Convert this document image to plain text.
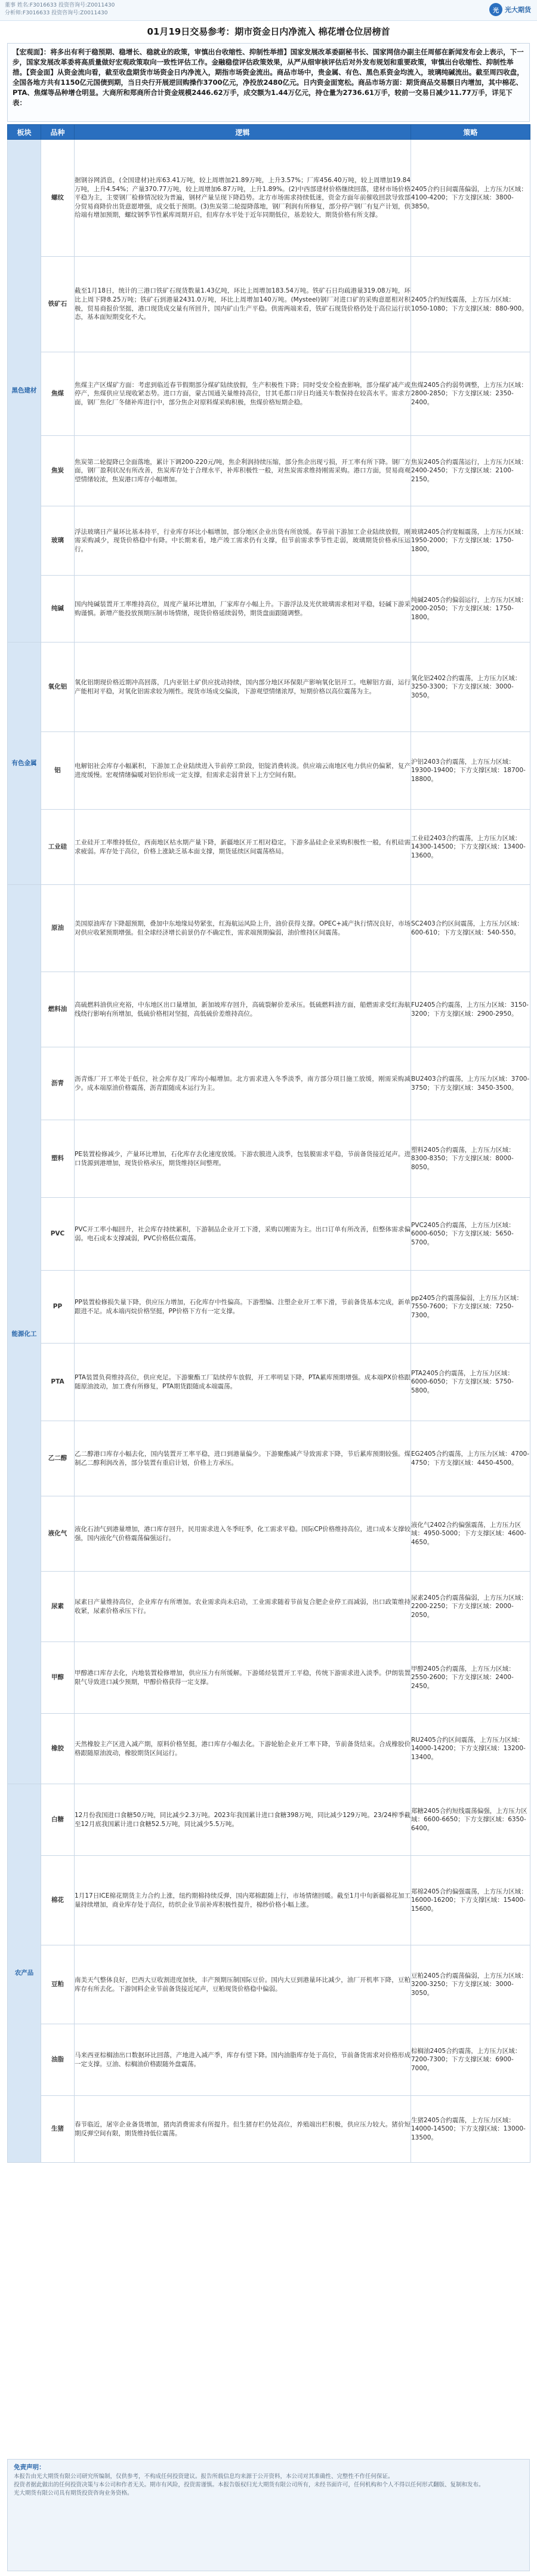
董事 姓名:F3016633 投资咨询号:Z0011430
分析师:F3016633 投资咨询号:Z0011430	光 光大期货
01月19日交易参考：期市资金日内净流入 棉花增仓位居榜首
【宏观面】：将多出有利于稳预期、稳增长、稳就业的政策，审慎出台收缩性、抑制性举措】国家发展改革委副秘书长、国家网信办副主任周郁在新闻发布会上表示，下一步，国家发展改革委将高质量做好宏观政策取向一致性评估工作。金融稳偿评估政策效果，从严从细审核评估后对外发布规划和重要政策，审慎出台收缩性、抑制性举措。【资金面】从资金流向看，截至收盘期货市场资金日内净流入，期指市场资金流出。商品市场中，贵金属、有色、黑色系资金均流入，玻璃纯碱流出。截至周四收盘，全国各地方共有1150亿元国债到期，当日央行开展逆回购操作3700亿元，净投放2480亿元。日内资金面宽松。商品市场方面：期货商品交易额日内增加，其中棉花、PTA、焦煤等品种增仓明显。大商所和郑商所合计资金规模2446.62万手，成交额为1.44万亿元，持仓量为2736.61万手，较前一交易日减少11.77万手，详见下表：
板块	品种	逻辑	策略
黑色建材	螺纹	据钢谷网消息，(全国建材)社库63.41万吨，较上周增加21.89万吨，上升3.57%；厂库456.40万吨，较上周增加19.84万吨，上升4.54%；产量370.77万吨，较上周增加6.87万吨，上升1.89%。(2)中西部建材价格继续回落，建材市场价格平稳为主，主要钢厂检修情况较为普遍，钢材产量呈现下降趋势。北方市场需求持续低迷，资金方面年前催收回款导致部分贸易商降价出货意愿增强，成交低于预期。(3)焦炭第二轮提降落地，钢厂利润有所修复，部分停产钢厂有复产计划，供给端有增加预期，螺纹钢季节性累库周期开启，但库存水平处于近年同期低位，基差较大，期货价格有所支撑。	2405合约日间震荡偏弱，上方压力区域：4100-4200；下方支撑区域：3800-3850。

	铁矿石	截至1月18日，统计的三港口铁矿石现货数量1.43亿吨，环比上周增加183.54万吨。铁矿石日均疏港量319.08万吨，环比上周下降8.25万吨；铁矿石到港量2431.0万吨，环比上周增加140万吨。(Mysteel)钢厂对进口矿的采购意愿相对积极，贸易商报价坚挺，港口现货成交量有所回升，国内矿山生产平稳。供需两端来看，铁矿石现货价格仍处于高位运行状态，基本面短期变化不大。	2405合约短线震荡，上方压力区域：1050-1080；下方支撑区域：880-900。

	焦煤	焦煤主产区煤矿方面：考虑到临近春节假期部分煤矿陆续放假，生产积极性下降；同时受安全检查影响，部分煤矿减产或停产，焦煤供应呈现收紧态势。进口方面，蒙古国通关量维持高位，甘其毛都口岸日均通关车数保持在较高水平。需求方面，钢厂焦化厂冬储补库进行中，部分焦企对原料煤采购积极，焦煤价格短期企稳。	焦煤2405合约弱势调整，上方压力区域：2800-2850；下方支撑区域：2350-2400。

	焦炭	焦炭第二轮提降已全面落地，累计下调200-220元/吨，焦企利润持续压缩，部分焦企出现亏损，开工率有所下降。钢厂方面，钢厂盈利状况有所改善，焦炭库存处于合理水平，补库积极性一般，对焦炭需求维持刚需采购。港口方面，贸易商观望情绪较浓，焦炭港口库存小幅增加。	焦炭2405合约震荡运行，上方压力区域：2400-2450；下方支撑区域：2100-2150。

	玻璃	浮法玻璃日产量环比基本持平，行业库存环比小幅增加，部分地区企业出货有所放缓。春节前下游加工企业陆续放假，刚需采购减少，现货价格稳中有降。中长期来看，地产竣工需求仍有支撑，但节前需求季节性走弱，玻璃期货价格承压运行。	玻璃2405合约宽幅震荡，上方压力区域：1950-2000；下方支撑区域：1750-1800。

	纯碱	国内纯碱装置开工率维持高位，周度产量环比增加，厂家库存小幅上升。下游浮法及光伏玻璃需求相对平稳，轻碱下游采购谨慎。新增产能投放预期压制市场情绪，现货价格延续弱势，期货盘面跟随调整。	纯碱2405合约偏弱运行，上方压力区域：2000-2050；下方支撑区域：1750-1800。

有色金属	氧化铝	氧化铝期现价格近期冲高回落，几内亚铝土矿供应扰动持续，国内部分地区环保限产影响氧化铝开工。电解铝方面，运行产能相对平稳，对氧化铝需求较为刚性。现货市场成交偏淡，下游观望情绪浓厚，短期价格以高位震荡为主。	氧化铝2402合约震荡，上方压力区域：3250-3300；下方支撑区域：3000-3050。

	铝	电解铝社会库存小幅累积，下游加工企业陆续进入节前停工阶段，铝锭消费转淡。供应端云南地区电力供应仍偏紧，复产进度缓慢。宏观情绪偏暖对铝价形成一定支撑，但需求走弱背景下上方空间有限。	沪铝2403合约震荡，上方压力区域：19300-19400；下方支撑区域：18700-18800。

	工业硅	工业硅开工率维持低位，西南地区枯水期产量下降，新疆地区开工相对稳定。下游多晶硅企业采购积极性一般，有机硅需求疲弱。库存处于高位，价格上涨缺乏基本面支撑，期货延续区间震荡格局。	工业硅2403合约震荡，上方压力区域：14300-14500；下方支撑区域：13400-13600。

能源化工	原油	美国原油库存下降超预期，叠加中东地缘局势紧张，红海航运风险上升，油价获得支撑。OPEC+减产执行情况良好，市场对供应收紧预期增强。但全球经济增长前景仍存不确定性，需求端预期偏弱，油价维持区间震荡。	SC2403合约区间震荡，上方压力区域：600-610；下方支撑区域：540-550。

	燃料油	高硫燃料油供应充裕，中东地区出口量增加，新加坡库存回升，高硫裂解价差承压。低硫燃料油方面，船燃需求受红海航线绕行影响有所增加，低硫价格相对坚挺，高低硫价差维持高位。	FU2405合约震荡，上方压力区域：3150-3200；下方支撑区域：2900-2950。

	沥青	沥青炼厂开工率处于低位，社会库存及厂库均小幅增加。北方需求进入冬季淡季，南方部分项目施工放缓，刚需采购减少。成本端原油价格震荡，沥青跟随成本运行为主。	BU2403合约震荡，上方压力区域：3700-3750；下方支撑区域：3450-3500。

	塑料	PE装置检修减少，产量环比增加，石化库存去化速度放缓。下游农膜进入淡季，包装膜需求平稳，节前备货接近尾声。进口货源到港增加，现货价格承压，期货维持区间整理。	塑料2405合约震荡，上方压力区域：8300-8350；下方支撑区域：8000-8050。

	PVC	PVC开工率小幅回升，社会库存持续累积，下游制品企业开工下滑，采购以刚需为主。出口订单有所改善，但整体需求偏弱。电石成本支撑减弱，PVC价格低位震荡。	PVC2405合约震荡，上方压力区域：6000-6050；下方支撑区域：5650-5700。

	PP	PP装置检修损失量下降，供应压力增加，石化库存中性偏高。下游塑编、注塑企业开工率下滑，节前备货基本完成，新单跟进不足。成本端丙烷价格坚挺，PP价格下方有一定支撑。	pp2405合约震荡偏弱，上方压力区域：7550-7600；下方支撑区域：7250-7300。

	PTA	PTA装置负荷维持高位，供应充足。下游聚酯工厂陆续停车放假，开工率明显下降，PTA累库预期增强。成本端PX价格跟随原油波动，加工费有所修复，PTA期货跟随成本端震荡。	PTA2405合约震荡，上方压力区域：6000-6050；下方支撑区域：5750-5800。

	乙二醇	乙二醇港口库存小幅去化，国内装置开工率平稳，进口到港量偏少。下游聚酯减产导致需求下降，节后累库预期较强。煤制乙二醇利润改善，部分装置有重启计划，价格上方承压。	EG2405合约震荡，上方压力区域：4700-4750；下方支撑区域：4450-4500。

	液化气	液化石油气到港量增加，港口库存回升，民用需求进入冬季旺季，化工需求平稳。国际CP价格维持高位，进口成本支撑较强，国内液化气价格震荡偏强运行。	液化气2402合约偏强震荡，上方压力区域：4950-5000；下方支撑区域：4600-4650。

	尿素	尿素日产量维持高位，企业库存有所增加。农业需求尚未启动，工业需求随着节前复合肥企业停工而减弱，出口政策维持收紧，尿素价格承压下行。	尿素2405合约震荡偏弱，上方压力区域：2200-2250；下方支撑区域：2000-2050。

	甲醇	甲醇港口库存去化，内地装置检修增加，供应压力有所缓解。下游烯烃装置开工平稳，传统下游需求进入淡季。伊朗装置限气导致进口减少预期，甲醇价格获得一定支撑。	甲醇2405合约震荡，上方压力区域：2550-2600；下方支撑区域：2400-2450。

	橡胶	天然橡胶主产区进入减产期，原料价格坚挺，港口库存小幅去化。下游轮胎企业开工率下降，节前备货结束。合成橡胶价格跟随原油波动，橡胶期货区间运行。	RU2405合约区间震荡，上方压力区域：14000-14200；下方支撑区域：13200-13400。

农产品	白糖	12月份我国进口食糖50万吨，同比减少2.3万吨。2023年我国累计进口食糖398万吨，同比减少129万吨。23/24榨季截至12月底我国累计进口食糖52.5万吨，同比减少5.5万吨。	郑糖2405合约短线震荡偏强，上方压力区域：6600-6650；下方支撑区域：6350-6400。

	棉花	1月17日ICE棉花期货主力合约上涨，纽约期棉持续反弹，国内郑棉跟随上行，市场情绪回暖。截至1月中旬新疆棉花加工量持续增加，商业库存处于高位，纺织企业节前补库积极性提升，棉纱价格小幅上涨。	郑棉2405合约偏强震荡，上方压力区域：16000-16200；下方支撑区域：15400-15600。

	豆粕	南美天气整体良好，巴西大豆收割进度加快，丰产预期压制国际豆价。国内大豆到港量环比减少，油厂开机率下降，豆粕库存有所去化。下游饲料企业节前备货接近尾声，豆粕现货价格稳中偏弱。	豆粕2405合约震荡偏弱，上方压力区域：3200-3250；下方支撑区域：3000-3050。

	油脂	马来西亚棕榈油出口数据环比回落，产地进入减产季，库存有望下降。国内油脂库存处于高位，节前备货需求对价格形成一定支撑。豆油、棕榈油价格跟随外盘震荡。	棕榈油2405合约震荡，上方压力区域：7200-7300；下方支撑区域：6900-7000。

	生猪	春节临近，屠宰企业备货增加，猪肉消费需求有所提升。但生猪存栏仍处高位，养殖端出栏积极，供应压力较大。猪价短期反弹空间有限，期货维持低位震荡。	生猪2405合约震荡，上方压力区域：14000-14500；下方支撑区域：13000-13500。
免责声明：

本报告由光大期货有限公司研究所编制，仅供参考，不构成任何投资建议。报告所载信息均来源于公开资料，本公司对其准确性、完整性不作任何保证。

投资者据此做出的任何投资决策与本公司和作者无关。期市有风险，投资需谨慎。本报告版权归光大期货有限公司所有，未经书面许可，任何机构和个人不得以任何形式翻版、复制和发布。

光大期货有限公司具有期货投资咨询业务资格。
